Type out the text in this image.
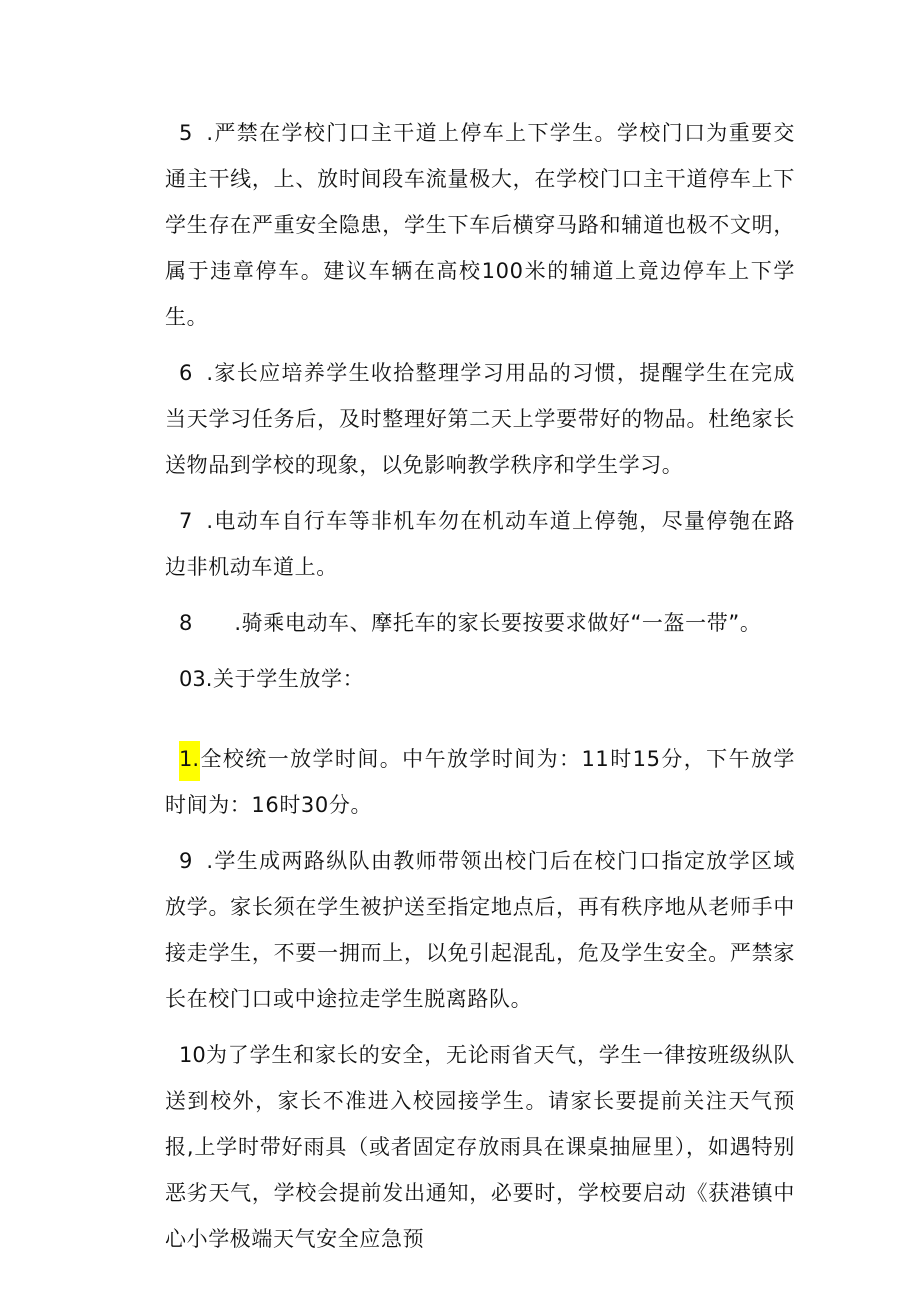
5.严禁在学校门口主干道上停车上下学生。学校门口为重要交通主干线，上、放时间段车流量极大，在学校门口主干道停车上下学生存在严重安全隐患，学生下车后横穿马路和辅道也极不文明，属于违章停车。建议车辆在高校100米的辅道上竟边停车上下学生。

6.家长应培养学生收拾整理学习用品的习惯，提醒学生在完成当天学习任务后，及时整理好第二天上学要带好的物品。杜绝家长送物品到学校的现象，以免影响教学秩序和学生学习。

7.电动车自行车等非机车勿在机动车道上停匏，尽量停匏在路边非机动车道上。

8 .骑乘电动车、摩托车的家长要按要求做好“一盔一带”。

03.关于学生放学：

1.全校统一放学时间。中午放学时间为：11时15分，下午放学时间为：16时30分。

9.学生成两路纵队由教师带领出校门后在校门口指定放学区域放学。家长须在学生被护送至指定地点后，再有秩序地从老师手中接走学生，不要一拥而上，以免引起混乱，危及学生安全。严禁家长在校门口或中途拉走学生脱离路队。

10为了学生和家长的安全，无论雨省天气，学生一律按班级纵队送到校外，家长不准进入校园接学生。请家长要提前关注天气预报,上学时带好雨具（或者固定存放雨具在课桌抽屉里），如遇特别恶劣天气，学校会提前发出通知，必要时，学校要启动《获港镇中心小学极端天气安全应急预
